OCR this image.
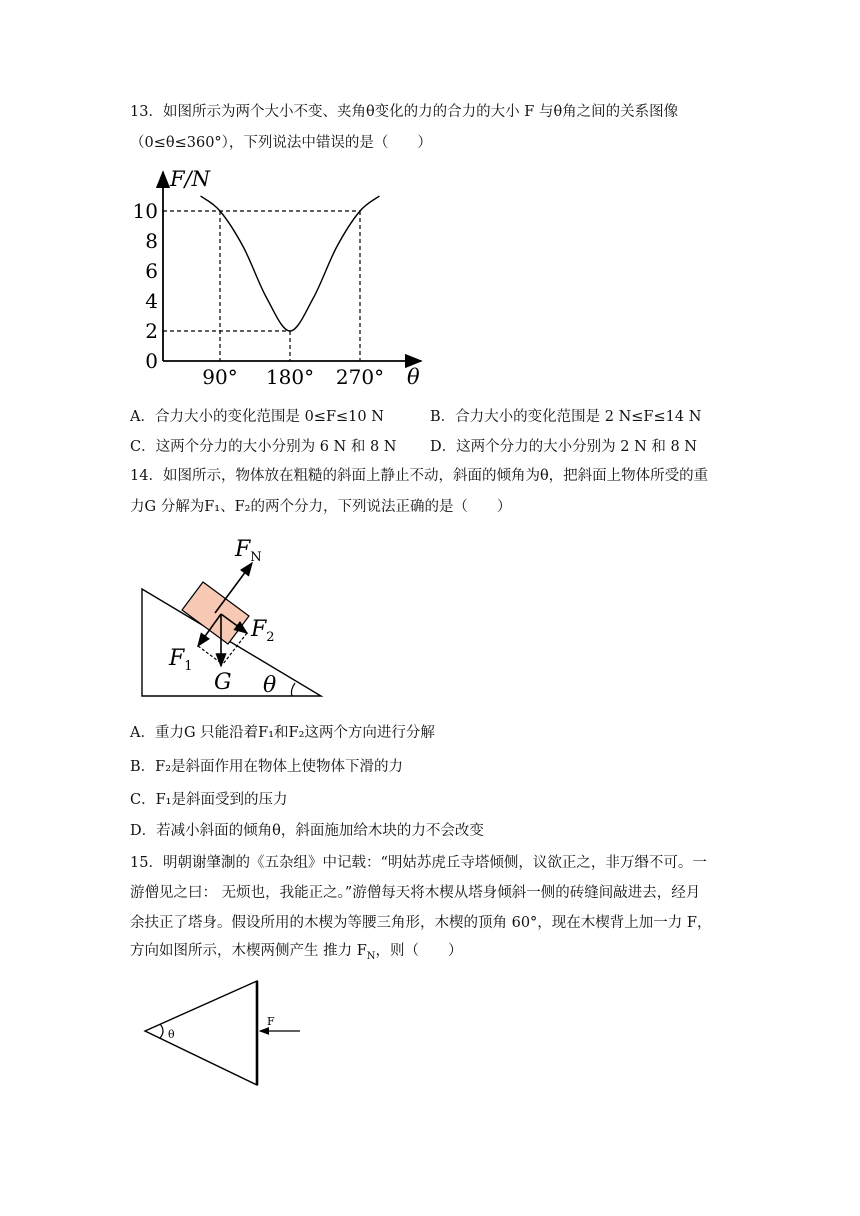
13．如图所示为两个大小不变、夹角θ变化的力的合力的大小 F 与θ角之间的关系图像
（0≤θ≤360°），下列说法中错误的是（　　）
F/N
θ
0
2
4
6
8
10
90° 180° 270°
A．合力大小的变化范围是 0≤F≤10 N	B．合力大小的变化范围是 2 N≤F≤14 N
C．这两个分力的大小分别为 6 N 和 8 N D．这两个分力的大小分别为 2 N 和 8 N
14．如图所示，物体放在粗糙的斜面上静止不动，斜面的倾角为θ，把斜面上物体所受的重
力G 分解为F₁、F₂的两个分力，下列说法正确的是（　　）
$F_N$
$F_2$
$F_1$
G θ
A．重力G 只能沿着F₁和F₂这两个方向进行分解
B．F₂是斜面作用在物体上使物体下滑的力
C．F₁是斜面受到的压力
D．若减小斜面的倾角θ，斜面施加给木块的力不会改变
15．明朝谢肇淛的《五杂组》中记载：“明姑苏虎丘寺塔倾侧，议欲正之，非万缗不可。一
游僧见之曰： 无烦也，我能正之。”游僧每天将木楔从塔身倾斜一侧的砖缝间敲进去，经月
余扶正了塔身。假设所用的木楔为等腰三角形，木楔的顶角 60°，现在木楔背上加一力 F，
方向如图所示，木楔两侧产生 推力 $F_N$，则（　　）
θ
F
